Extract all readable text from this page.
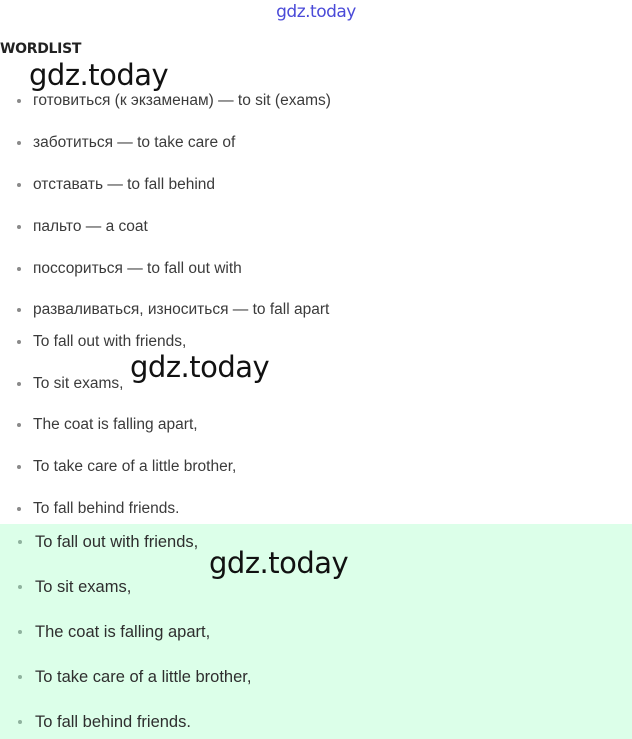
gdz.today
WORDLIST
готовиться (к экзаменам) — to sit (exams)
заботиться — to take care of
отставать — to fall behind
пальто — a coat
поссориться — to fall out with
разваливаться, износиться — to fall apart
To fall out with friends,
To sit exams,
The coat is falling apart,
To take care of a little brother,
To fall behind friends.
To fall out with friends,
To sit exams,
The coat is falling apart,
To take care of a little brother,
To fall behind friends.
gdz.today
gdz.today
gdz.today
